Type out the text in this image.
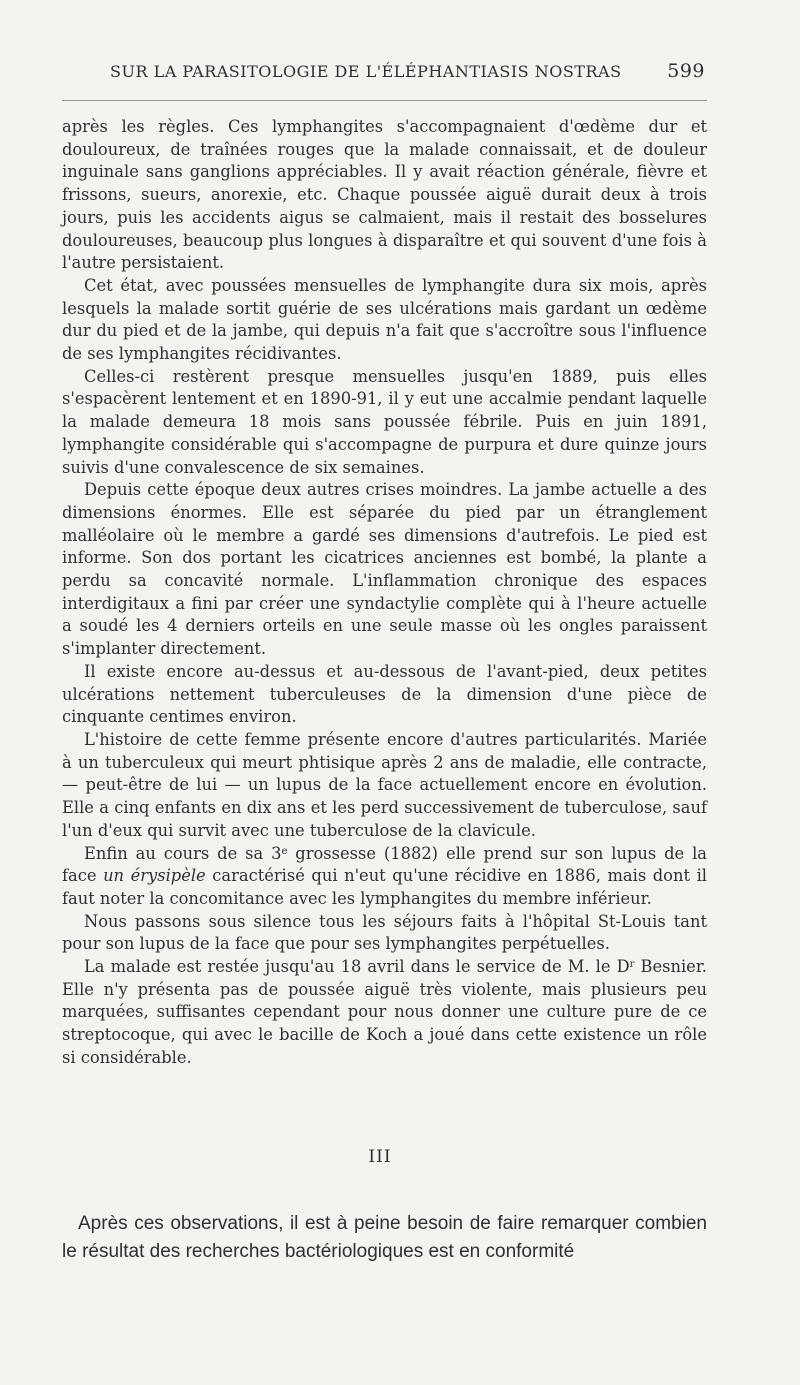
SUR LA PARASITOLOGIE DE L'ÉLÉPHANTIASIS NOSTRAS 599

après les règles. Ces lymphangites s'accompagnaient d'œdème dur et douloureux, de traînées rouges que la malade connaissait, et de douleur inguinale sans ganglions appréciables. Il y avait réaction générale, fièvre et frissons, sueurs, anorexie, etc. Chaque poussée aiguë durait deux à trois jours, puis les accidents aigus se calmaient, mais il restait des bosselures douloureuses, beaucoup plus longues à disparaître et qui souvent d'une fois à l'autre persistaient.

Cet état, avec poussées mensuelles de lymphangite dura six mois, après lesquels la malade sortit guérie de ses ulcérations mais gardant un œdème dur du pied et de la jambe, qui depuis n'a fait que s'accroître sous l'influence de ses lymphangites récidivantes.

Celles-ci restèrent presque mensuelles jusqu'en 1889, puis elles s'espacèrent lentement et en 1890-91, il y eut une accalmie pendant laquelle la malade demeura 18 mois sans poussée fébrile. Puis en juin 1891, lymphangite considérable qui s'accompagne de purpura et dure quinze jours suivis d'une convalescence de six semaines.

Depuis cette époque deux autres crises moindres. La jambe actuelle a des dimensions énormes. Elle est séparée du pied par un étranglement malléolaire où le membre a gardé ses dimensions d'autrefois. Le pied est informe. Son dos portant les cicatrices anciennes est bombé, la plante a perdu sa concavité normale. L'inflammation chronique des espaces interdigitaux a fini par créer une syndactylie complète qui à l'heure actuelle a soudé les 4 derniers orteils en une seule masse où les ongles paraissent s'implanter directement.

Il existe encore au-dessus et au-dessous de l'avant-pied, deux petites ulcérations nettement tuberculeuses de la dimension d'une pièce de cinquante centimes environ.

L'histoire de cette femme présente encore d'autres particularités. Mariée à un tuberculeux qui meurt phtisique après 2 ans de maladie, elle contracte, — peut-être de lui — un lupus de la face actuellement encore en évolution. Elle a cinq enfants en dix ans et les perd successivement de tuberculose, sauf l'un d'eux qui survit avec une tuberculose de la clavicule.

Enfin au cours de sa 3e grossesse (1882) elle prend sur son lupus de la face un érysipèle caractérisé qui n'eut qu'une récidive en 1886, mais dont il faut noter la concomitance avec les lymphangites du membre inférieur.

Nous passons sous silence tous les séjours faits à l'hôpital St-Louis tant pour son lupus de la face que pour ses lymphangites perpétuelles.

La malade est restée jusqu'au 18 avril dans le service de M. le $D^r$ Besnier. Elle n'y présenta pas de poussée aiguë très violente, mais plusieurs peu marquées, suffisantes cependant pour nous donner une culture pure de ce streptocoque, qui avec le bacille de Koch a joué dans cette existence un rôle si considérable.

III

Après ces observations, il est à peine besoin de faire remarquer combien le résultat des recherches bactériologiques est en conformité
